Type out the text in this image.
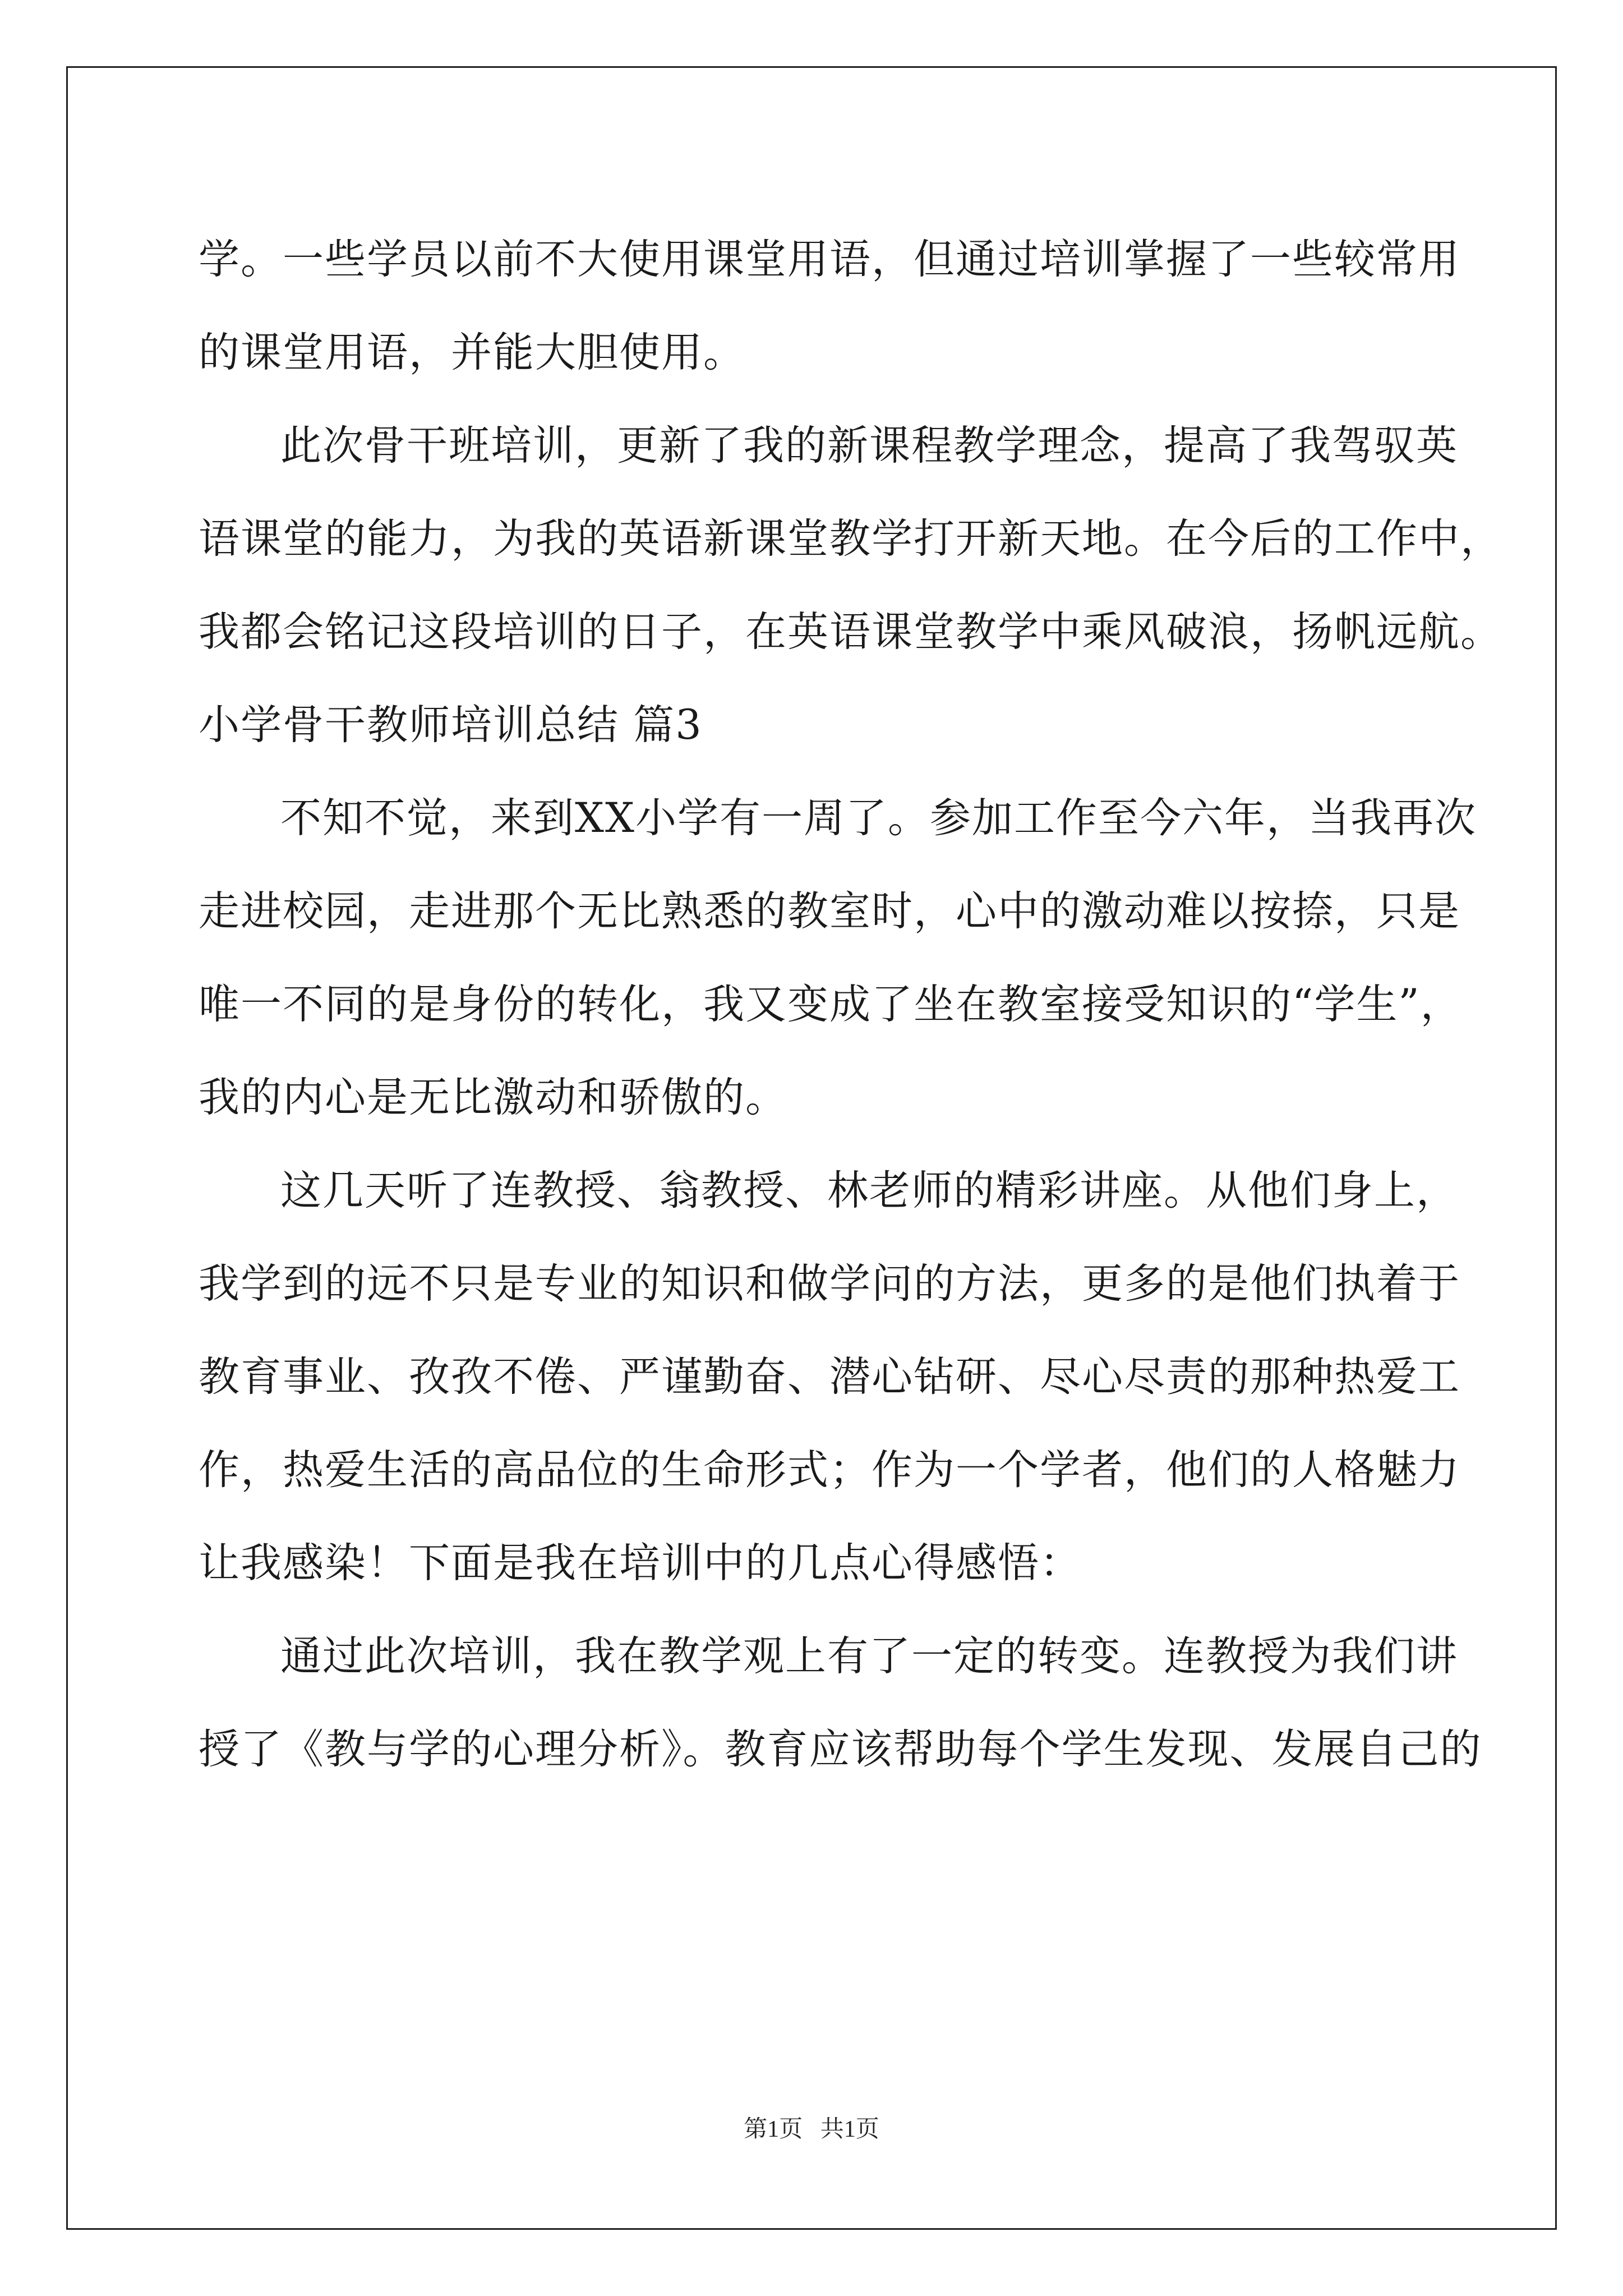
学。一些学员以前不大使用课堂用语，但通过培训掌握了一些较常用
的课堂用语，并能大胆使用。
此次骨干班培训，更新了我的新课程教学理念，提高了我驾驭英
语课堂的能力，为我的英语新课堂教学打开新天地。在今后的工作中，
我都会铭记这段培训的日子，在英语课堂教学中乘风破浪，扬帆远航。
小学骨干教师培训总结 篇3
不知不觉，来到XX小学有一周了。参加工作至今六年，当我再次
走进校园，走进那个无比熟悉的教室时，心中的激动难以按捺，只是
唯一不同的是身份的转化，我又变成了坐在教室接受知识的“学生”，
我的内心是无比激动和骄傲的。
这几天听了连教授、翁教授、林老师的精彩讲座。从他们身上，
我学到的远不只是专业的知识和做学问的方法，更多的是他们执着于
教育事业、孜孜不倦、严谨勤奋、潜心钻研、尽心尽责的那种热爱工
作，热爱生活的高品位的生命形式；作为一个学者，他们的人格魅力
让我感染！下面是我在培训中的几点心得感悟：
通过此次培训，我在教学观上有了一定的转变。连教授为我们讲
授了《教与学的心理分析》。教育应该帮助每个学生发现、发展自己的
第1页 共1页
